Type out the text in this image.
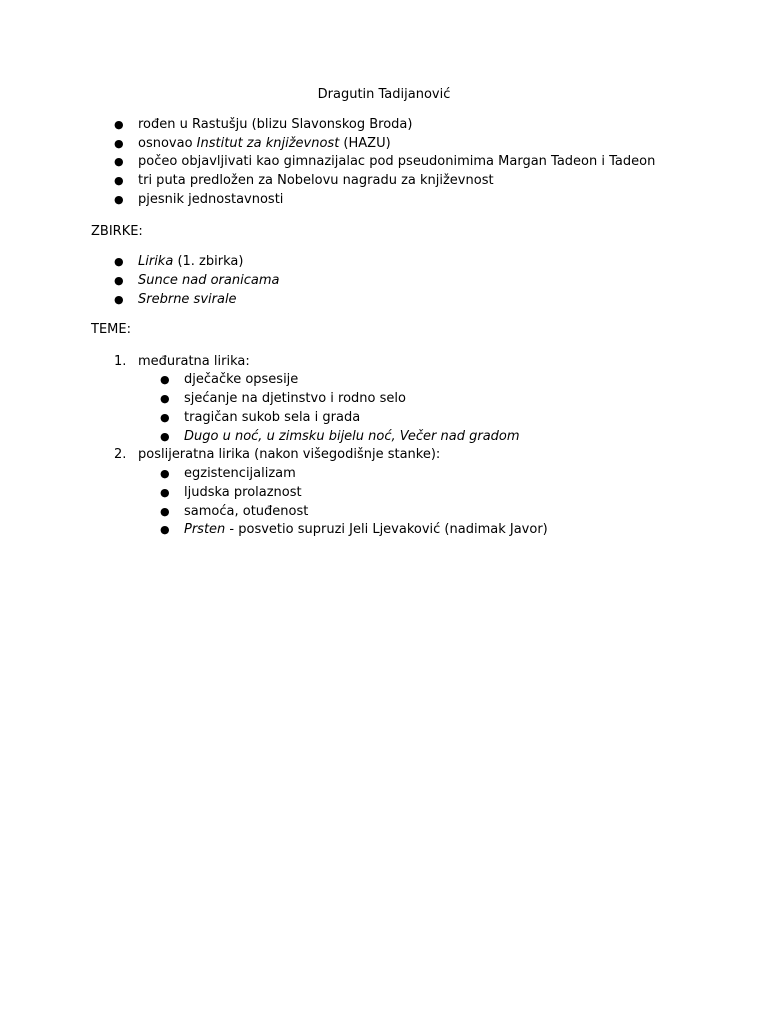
Dragutin Tadijanović
● rođen u Rastušju (blizu Slavonskog Broda)
● osnovao Institut za književnost (HAZU)
● počeo objavljivati kao gimnazijalac pod pseudonimima Margan Tadeon i Tadeon
● tri puta predložen za Nobelovu nagradu za književnost
● pjesnik jednostavnosti
ZBIRKE:
● Lirika (1. zbirka)
● Sunce nad oranicama
● Srebrne svirale
TEME:
1. međuratna lirika:
● dječačke opsesije
● sjećanje na djetinstvo i rodno selo
● tragičan sukob sela i grada
● Dugo u noć, u zimsku bijelu noć, Večer nad gradom
2. poslijeratna lirika (nakon višegodišnje stanke):
● egzistencijalizam
● ljudska prolaznost
● samoća, otuđenost
● Prsten - posvetio supruzi Jeli Ljevaković (nadimak Javor)
